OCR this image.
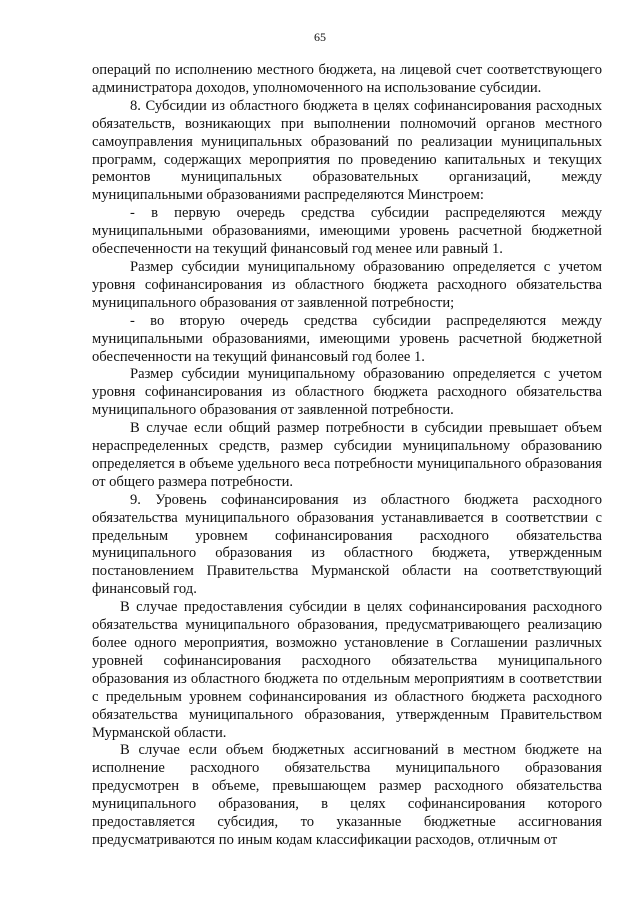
65

операций по исполнению местного бюджета, на лицевой счет соответствующего администратора доходов, уполномоченного на использование субсидии.

8. Субсидии из областного бюджета в целях софинансирования расходных обязательств, возникающих при выполнении полномочий органов местного самоуправления муниципальных образований по реализации муниципальных программ, содержащих мероприятия по проведению капитальных и текущих ремонтов муниципальных образовательных организаций, между муниципальными образованиями распределяются Минстроем:

- в первую очередь средства субсидии распределяются между муниципальными образованиями, имеющими уровень расчетной бюджетной обеспеченности на текущий финансовый год менее или равный 1.

Размер субсидии муниципальному образованию определяется с учетом уровня софинансирования из областного бюджета расходного обязательства муниципального образования от заявленной потребности;

- во вторую очередь средства субсидии распределяются между муниципальными образованиями, имеющими уровень расчетной бюджетной обеспеченности на текущий финансовый год более 1.

Размер субсидии муниципальному образованию определяется с учетом уровня софинансирования из областного бюджета расходного обязательства муниципального образования от заявленной потребности.

В случае если общий размер потребности в субсидии превышает объем нераспределенных средств, размер субсидии муниципальному образованию определяется в объеме удельного веса потребности муниципального образования от общего размера потребности.

9. Уровень софинансирования из областного бюджета расходного обязательства муниципального образования устанавливается в соответствии с предельным уровнем софинансирования расходного обязательства муниципального образования из областного бюджета, утвержденным постановлением Правительства Мурманской области на соответствующий финансовый год.

В случае предоставления субсидии в целях софинансирования расходного обязательства муниципального образования, предусматривающего реализацию более одного мероприятия, возможно установление в Соглашении различных уровней софинансирования расходного обязательства муниципального образования из областного бюджета по отдельным мероприятиям в соответствии с предельным уровнем софинансирования из областного бюджета расходного обязательства муниципального образования, утвержденным Правительством Мурманской области.

В случае если объем бюджетных ассигнований в местном бюджете на исполнение расходного обязательства муниципального образования предусмотрен в объеме, превышающем размер расходного обязательства муниципального образования, в целях софинансирования которого предоставляется субсидия, то указанные бюджетные ассигнования предусматриваются по иным кодам классификации расходов, отличным от
